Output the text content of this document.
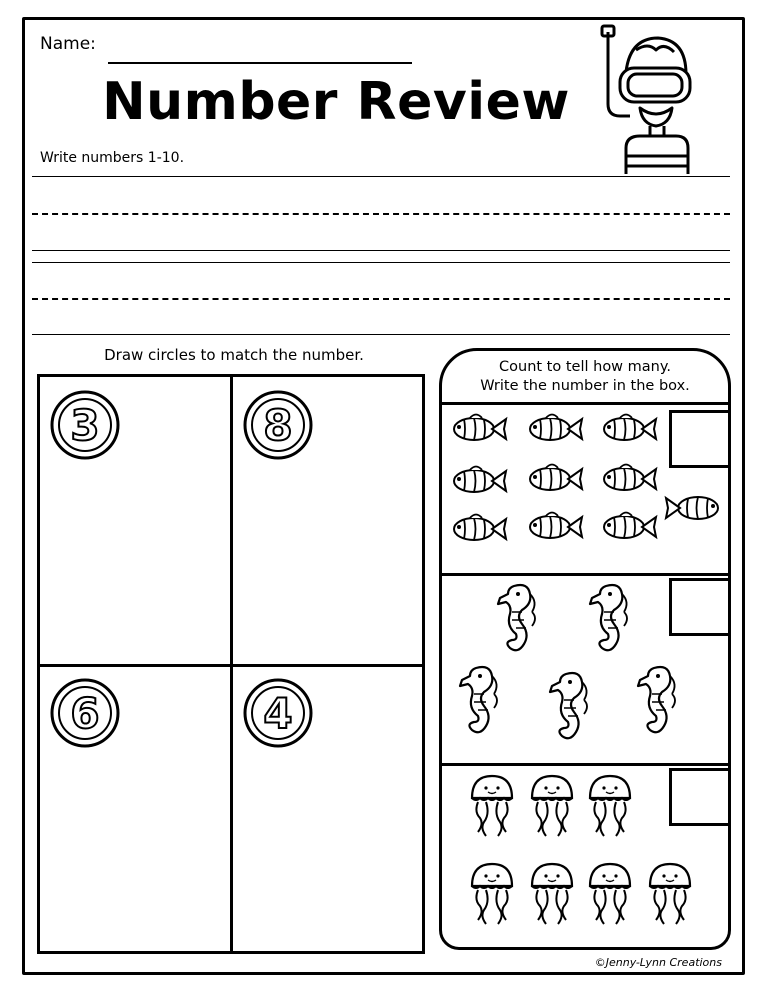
Name:
Number Review
Write numbers 1-10.
Draw circles to match the number.
3	8
6	4
Count to tell how many.
Write the number in the box.
©Jenny-Lynn Creations
